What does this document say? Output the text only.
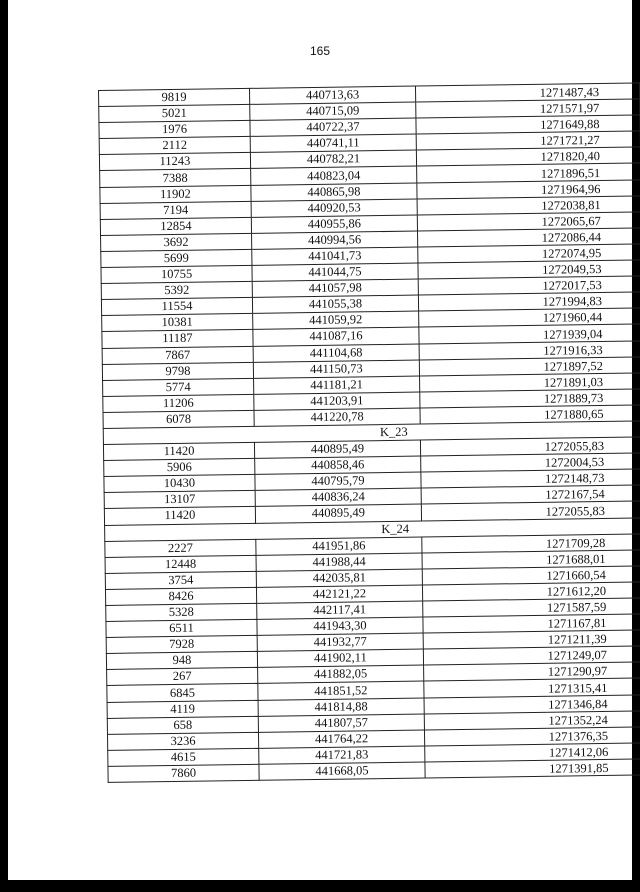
165
9819	440713,63	1271487,43
5021	440715,09	1271571,97
1976	440722,37	1271649,88
2112	440741,11	1271721,27
11243	440782,21	1271820,40
7388	440823,04	1271896,51
11902	440865,98	1271964,96
7194	440920,53	1272038,81
12854	440955,86	1272065,67
3692	440994,56	1272086,44
5699	441041,73	1272074,95
10755	441044,75	1272049,53
5392	441057,98	1272017,53
11554	441055,38	1271994,83
10381	441059,92	1271960,44
11187	441087,16	1271939,04
7867	441104,68	1271916,33
9798	441150,73	1271897,52
5774	441181,21	1271891,03
11206	441203,91	1271889,73
6078	441220,78	1271880,65
K_23		
11420	440895,49	1272055,83
5906	440858,46	1272004,53
10430	440795,79	1272148,73
13107	440836,24	1272167,54
11420	440895,49	1272055,83
K_24		
2227	441951,86	1271709,28
12448	441988,44	1271688,01
3754	442035,81	1271660,54
8426	442121,22	1271612,20
5328	442117,41	1271587,59
6511	441943,30	1271167,81
7928	441932,77	1271211,39
948	441902,11	1271249,07
267	441882,05	1271290,97
6845	441851,52	1271315,41
4119	441814,88	1271346,84
658	441807,57	1271352,24
3236	441764,22	1271376,35
4615	441721,83	1271412,06
7860	441668,05	1271391,85
